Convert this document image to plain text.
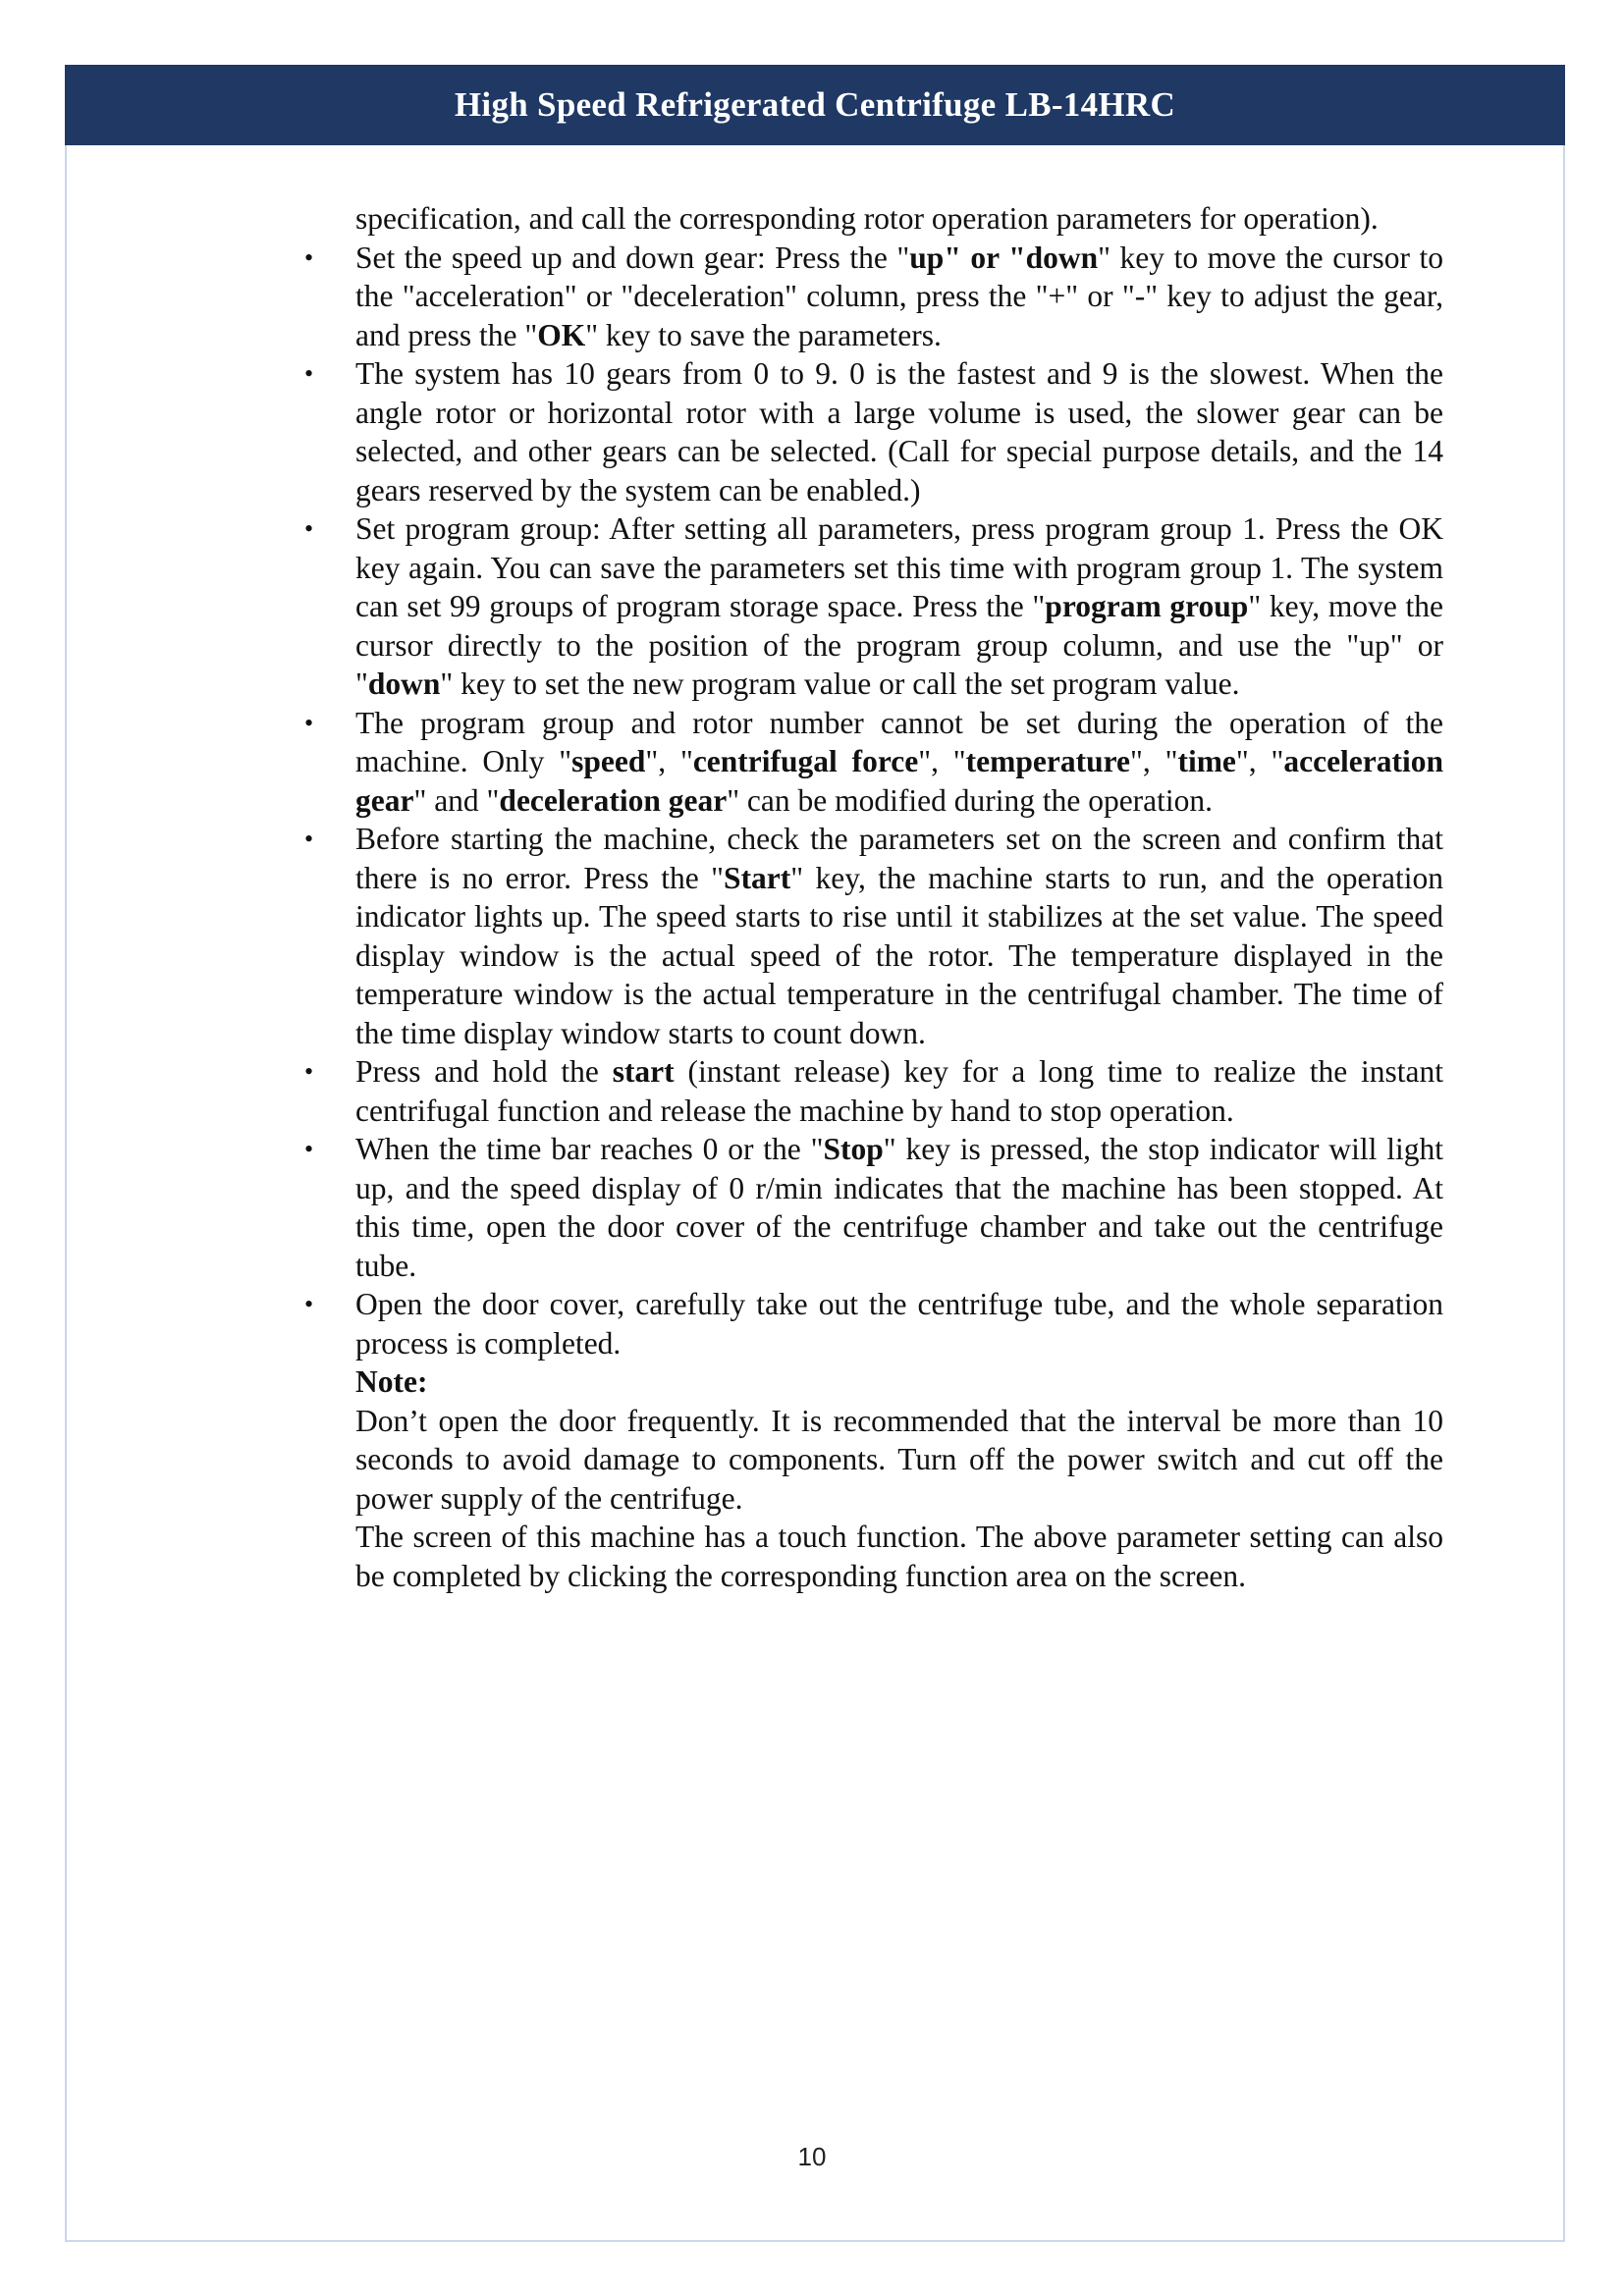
High Speed Refrigerated Centrifuge LB-14HRC

specification, and call the corresponding rotor operation parameters for operation).

• Set the speed up and down gear: Press the "up" or "down" key to move the cursor to the "acceleration" or "deceleration" column, press the "+" or "-" key to adjust the gear, and press the "OK" key to save the parameters.
• The system has 10 gears from 0 to 9. 0 is the fastest and 9 is the slowest. When the angle rotor or horizontal rotor with a large volume is used, the slower gear can be selected, and other gears can be selected. (Call for special purpose details, and the 14 gears reserved by the system can be enabled.)
• Set program group: After setting all parameters, press program group 1. Press the OK key again. You can save the parameters set this time with program group 1. The system can set 99 groups of program storage space. Press the "program group" key, move the cursor directly to the position of the program group column, and use the "up" or "down" key to set the new program value or call the set program value.
• The program group and rotor number cannot be set during the operation of the machine. Only "speed", "centrifugal force", "temperature", "time", "acceleration gear" and "deceleration gear" can be modified during the operation.
• Before starting the machine, check the parameters set on the screen and confirm that there is no error. Press the "Start" key, the machine starts to run, and the operation indicator lights up. The speed starts to rise until it stabilizes at the set value. The speed display window is the actual speed of the rotor. The temperature displayed in the temperature window is the actual temperature in the centrifugal chamber. The time of the time display window starts to count down.
• Press and hold the start (instant release) key for a long time to realize the instant centrifugal function and release the machine by hand to stop operation.
• When the time bar reaches 0 or the "Stop" key is pressed, the stop indicator will light up, and the speed display of 0 r/min indicates that the machine has been stopped. At this time, open the door cover of the centrifuge chamber and take out the centrifuge tube.
• Open the door cover, carefully take out the centrifuge tube, and the whole separation process is completed.

Note:

Don’t open the door frequently. It is recommended that the interval be more than 10 seconds to avoid damage to components. Turn off the power switch and cut off the power supply of the centrifuge.

The screen of this machine has a touch function. The above parameter setting can also be completed by clicking the corresponding function area on the screen.

10
